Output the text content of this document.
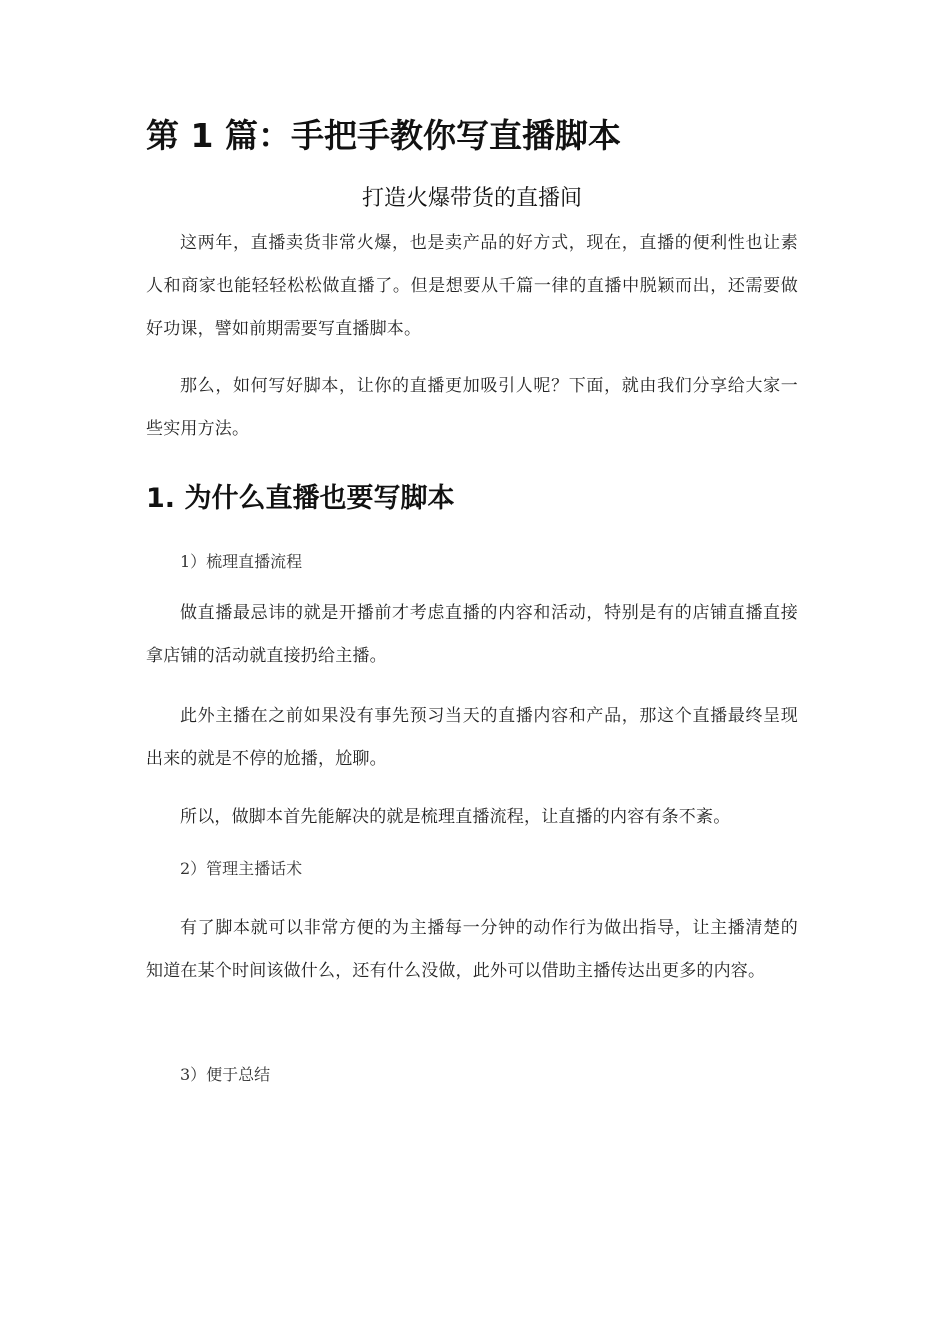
第 1 篇：手把手教你写直播脚本
打造火爆带货的直播间

这两年，直播卖货非常火爆，也是卖产品的好方式，现在，直播的便利性也让素人和商家也能轻轻松松做直播了。但是想要从千篇一律的直播中脱颖而出，还需要做好功课，譬如前期需要写直播脚本。

那么，如何写好脚本，让你的直播更加吸引人呢？下面，就由我们分享给大家一些实用方法。

1. 为什么直播也要写脚本
1）梳理直播流程

做直播最忌讳的就是开播前才考虑直播的内容和活动，特别是有的店铺直播直接拿店铺的活动就直接扔给主播。

此外主播在之前如果没有事先预习当天的直播内容和产品，那这个直播最终呈现出来的就是不停的尬播，尬聊。

所以，做脚本首先能解决的就是梳理直播流程，让直播的内容有条不紊。

2）管理主播话术

有了脚本就可以非常方便的为主播每一分钟的动作行为做出指导，让主播清楚的知道在某个时间该做什么，还有什么没做，此外可以借助主播传达出更多的内容。

3）便于总结
